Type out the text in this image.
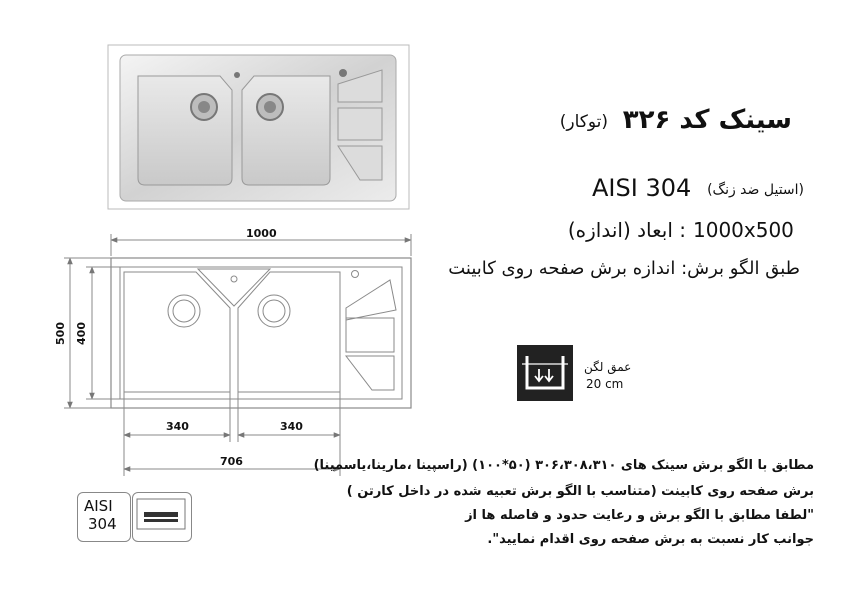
1000
500 400
340	340
706
سینک کد ۳۲۶
(توکار)
AISI 304 (استیل ضد زنگ)
1000x500
: ابعاد (اندازه)
طبق الگو برش: اندازه برش صفحه روی کابینت
عمق لگن
20 cm
AISI
304
مطابق با الگو برش سینک های ۳۰۶،۳۰۸،۳۱۰ (۵۰*۱۰۰) (راسپینا ،مارینا،یاسمینا)
برش صفحه روی کابینت (متناسب با الگو برش تعبیه شده در داخل کارتن )
"لطفا مطابق با الگو برش و رعایت حدود و فاصله ها از
جوانب کار نسبت به برش صفحه روی اقدام نمایید".
